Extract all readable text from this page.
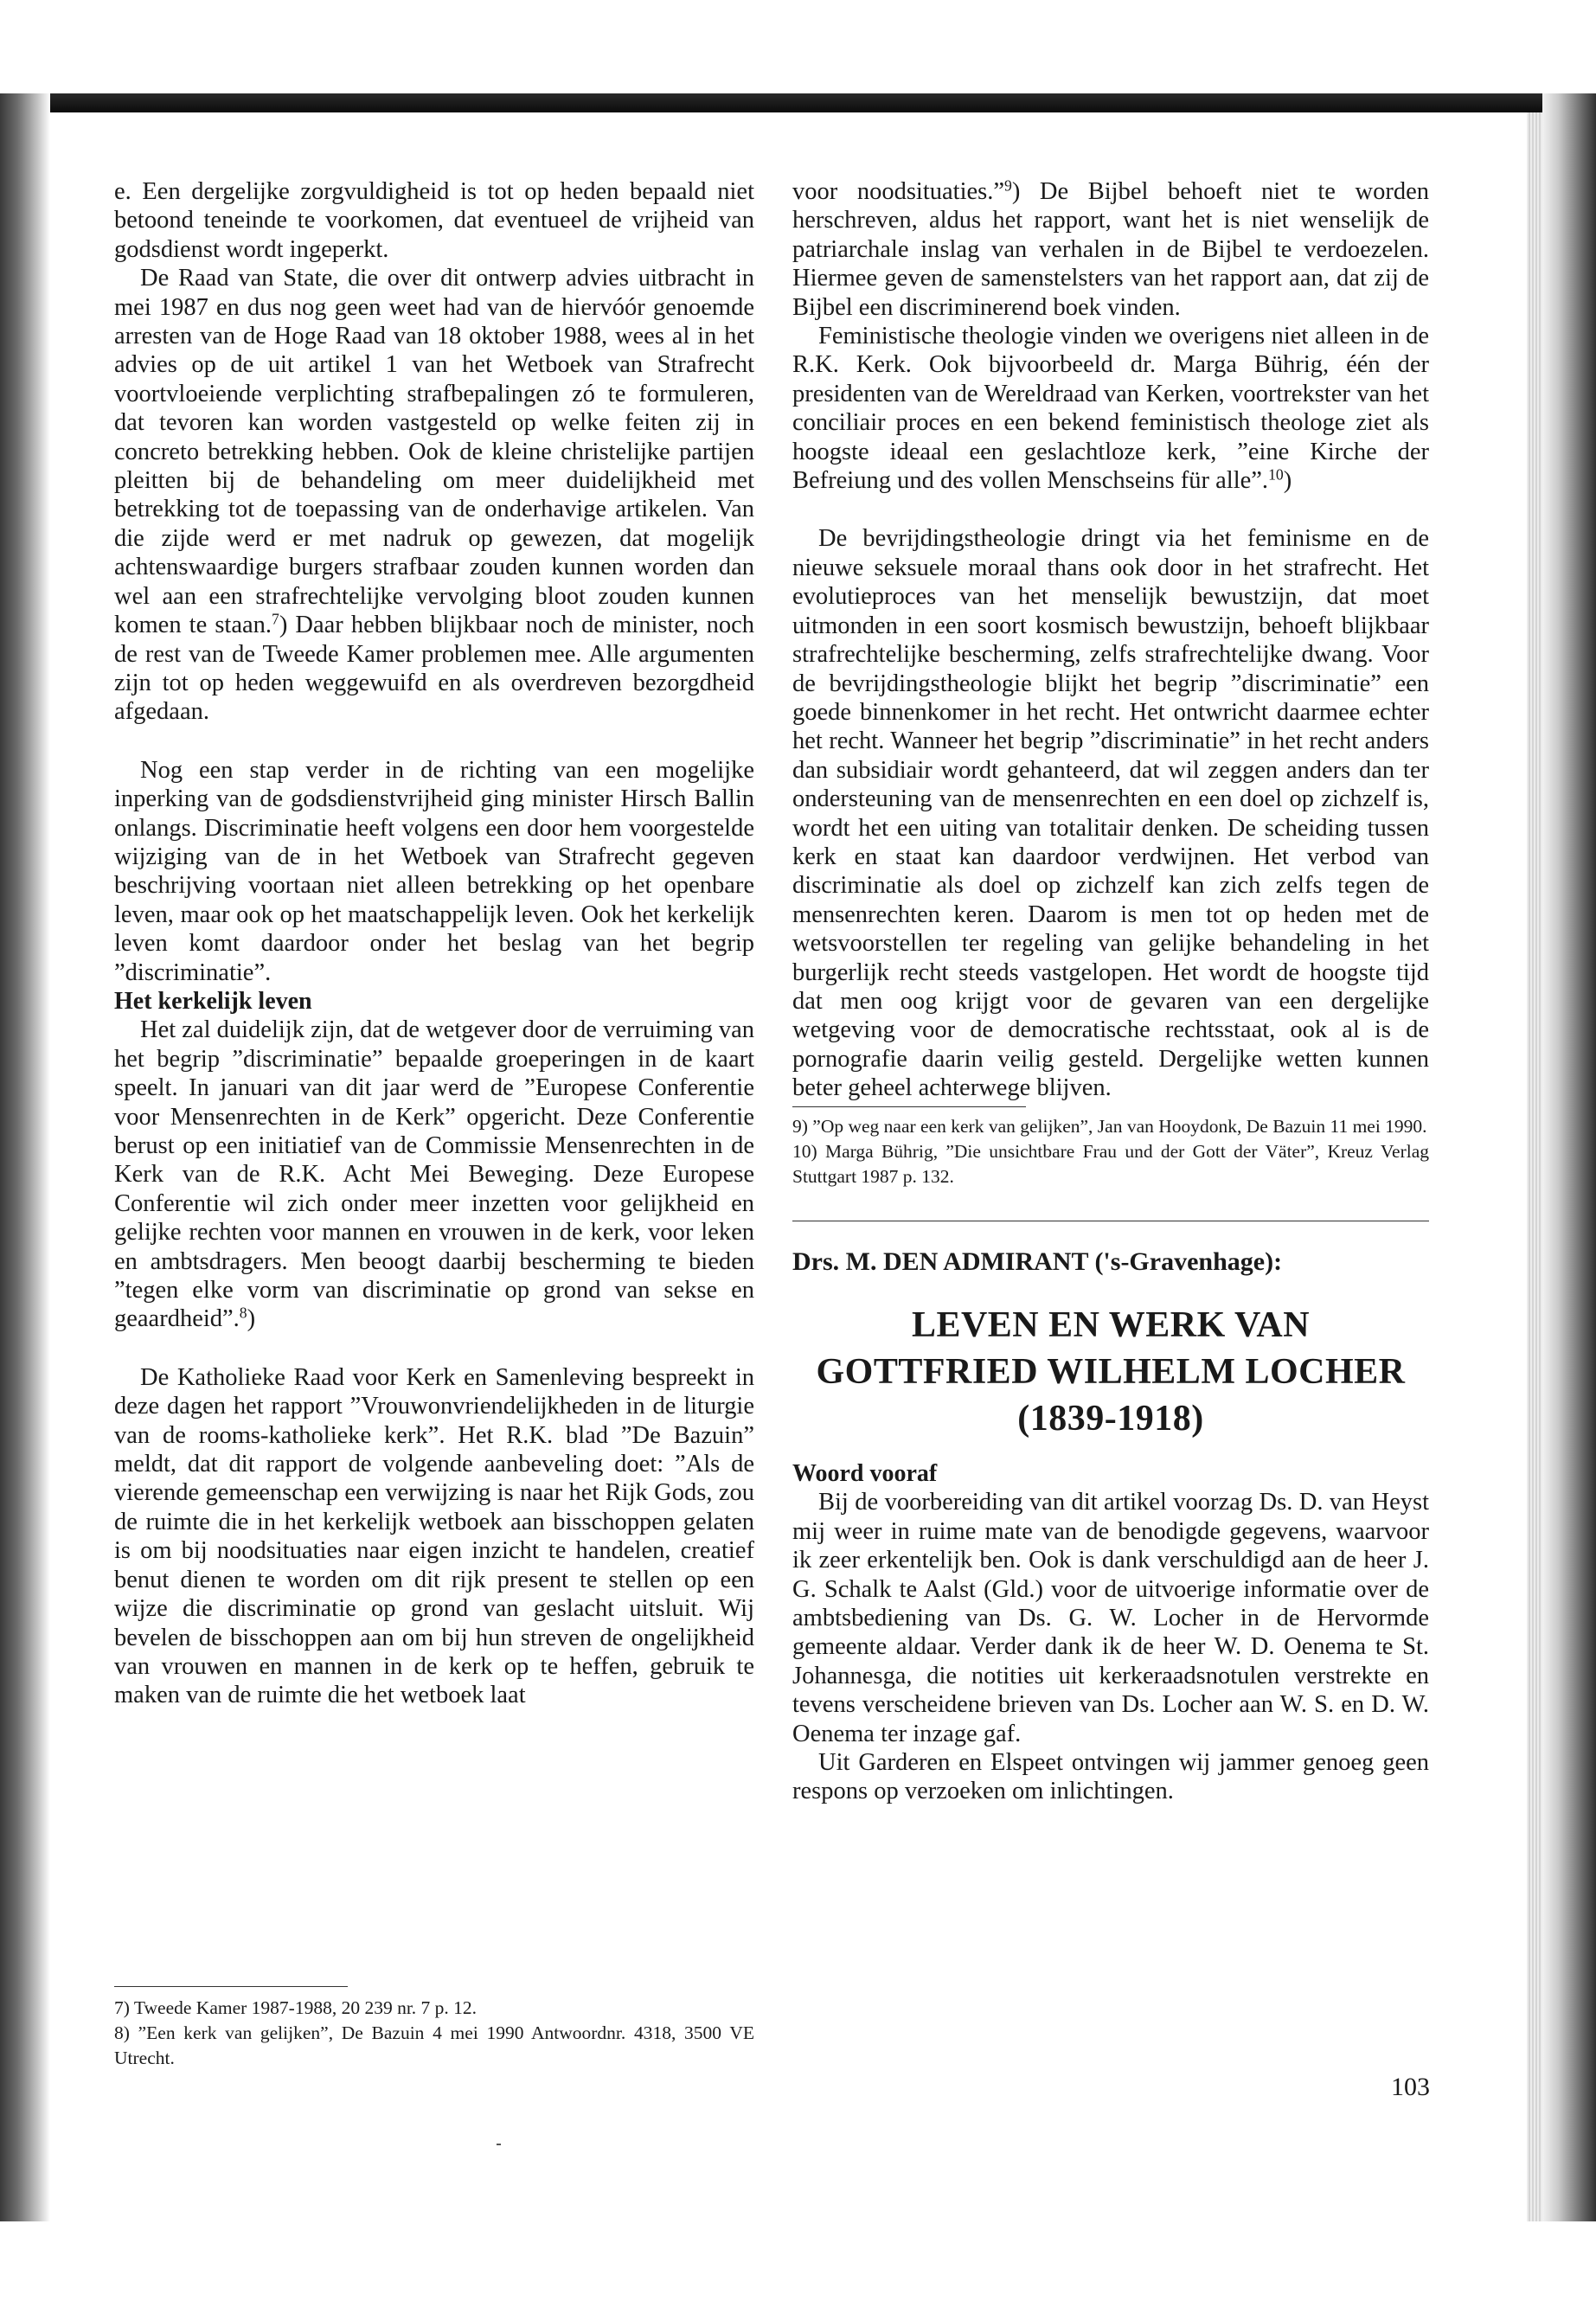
e. Een dergelijke zorgvuldigheid is tot op heden bepaald niet betoond teneinde te voorkomen, dat eventueel de vrijheid van godsdienst wordt ingeperkt.

De Raad van State, die over dit ontwerp advies uitbracht in mei 1987 en dus nog geen weet had van de hiervóór genoemde arresten van de Hoge Raad van 18 oktober 1988, wees al in het advies op de uit artikel 1 van het Wetboek van Strafrecht voortvloeiende verplichting strafbepalingen zó te formuleren, dat tevoren kan worden vastgesteld op welke feiten zij in concreto betrekking hebben. Ook de kleine christelijke partijen pleitten bij de behandeling om meer duidelijkheid met betrekking tot de toepassing van de onderhavige artikelen. Van die zijde werd er met nadruk op gewezen, dat mogelijk achtenswaardige burgers strafbaar zouden kunnen worden dan wel aan een strafrechtelijke vervolging bloot zouden kunnen komen te staan.$^7$) Daar hebben blijkbaar noch de minister, noch de rest van de Tweede Kamer problemen mee. Alle argumenten zijn tot op heden weggewuifd en als overdreven bezorgdheid afgedaan.

Nog een stap verder in de richting van een mogelijke inperking van de godsdienstvrijheid ging minister Hirsch Ballin onlangs. Discriminatie heeft volgens een door hem voorgestelde wijziging van de in het Wetboek van Strafrecht gegeven beschrijving voortaan niet alleen betrekking op het openbare leven, maar ook op het maatschappelijk leven. Ook het kerkelijk leven komt daardoor onder het beslag van het begrip ”discriminatie”.

Het kerkelijk leven

Het zal duidelijk zijn, dat de wetgever door de verruiming van het begrip ”discriminatie” bepaalde groeperingen in de kaart speelt. In januari van dit jaar werd de ”Europese Conferentie voor Mensenrechten in de Kerk” opgericht. Deze Conferentie berust op een initiatief van de Commissie Mensenrechten in de Kerk van de R.K. Acht Mei Beweging. Deze Europese Conferentie wil zich onder meer inzetten voor gelijkheid en gelijke rechten voor mannen en vrouwen in de kerk, voor leken en ambtsdragers. Men beoogt daarbij bescherming te bieden ”tegen elke vorm van discriminatie op grond van sekse en geaardheid”.$^8$)

De Katholieke Raad voor Kerk en Samenleving bespreekt in deze dagen het rapport ”Vrouwonvriendelijkheden in de liturgie van de rooms-katholieke kerk”. Het R.K. blad ”De Bazuin” meldt, dat dit rapport de volgende aanbeveling doet: ”Als de vierende gemeenschap een verwijzing is naar het Rijk Gods, zou de ruimte die in het kerkelijk wetboek aan bisschoppen gelaten is om bij noodsituaties naar eigen inzicht te handelen, creatief benut dienen te worden om dit rijk present te stellen op een wijze die discriminatie op grond van geslacht uitsluit. Wij bevelen de bisschoppen aan om bij hun streven de ongelijkheid van vrouwen en mannen in de kerk op te heffen, gebruik te maken van de ruimte die het wetboek laat

7) Tweede Kamer 1987-1988, 20 239 nr. 7 p. 12.

8) ”Een kerk van gelijken”, De Bazuin 4 mei 1990 Antwoordnr. 4318, 3500 VE Utrecht.

voor noodsituaties.”$^9$) De Bijbel behoeft niet te worden herschreven, aldus het rapport, want het is niet wenselijk de patriarchale inslag van verhalen in de Bijbel te verdoezelen. Hiermee geven de samenstelsters van het rapport aan, dat zij de Bijbel een discriminerend boek vinden.

Feministische theologie vinden we overigens niet alleen in de R.K. Kerk. Ook bijvoorbeeld dr. Marga Bührig, één der presidenten van de Wereldraad van Kerken, voortrekster van het conciliair proces en een bekend feministisch theologe ziet als hoogste ideaal een geslachtloze kerk, ”eine Kirche der Befreiung und des vollen Menschseins für alle”.$^{10}$)

De bevrijdingstheologie dringt via het feminisme en de nieuwe seksuele moraal thans ook door in het strafrecht. Het evolutieproces van het menselijk bewustzijn, dat moet uitmonden in een soort kosmisch bewustzijn, behoeft blijkbaar strafrechtelijke bescherming, zelfs strafrechtelijke dwang. Voor de bevrijdingstheologie blijkt het begrip ”discriminatie” een goede binnenkomer in het recht. Het ontwricht daarmee echter het recht. Wanneer het begrip ”discriminatie” in het recht anders dan subsidiair wordt gehanteerd, dat wil zeggen anders dan ter ondersteuning van de mensenrechten en een doel op zichzelf is, wordt het een uiting van totalitair denken. De scheiding tussen kerk en staat kan daardoor verdwijnen. Het verbod van discriminatie als doel op zichzelf kan zich zelfs tegen de mensenrechten keren. Daarom is men tot op heden met de wetsvoorstellen ter regeling van gelijke behandeling in het burgerlijk recht steeds vastgelopen. Het wordt de hoogste tijd dat men oog krijgt voor de gevaren van een dergelijke wetgeving voor de democratische rechtsstaat, ook al is de pornografie daarin veilig gesteld. Dergelijke wetten kunnen beter geheel achterwege blijven.

9) ”Op weg naar een kerk van gelijken”, Jan van Hooydonk, De Bazuin 11 mei 1990.

10) Marga Bührig, ”Die unsichtbare Frau und der Gott der Väter”, Kreuz Verlag Stuttgart 1987 p. 132.

Drs. M. DEN ADMIRANT ('s-Gravenhage):

LEVEN EN WERK VAN
GOTTFRIED WILHELM LOCHER
(1839-1918)

Woord vooraf

Bij de voorbereiding van dit artikel voorzag Ds. D. van Heyst mij weer in ruime mate van de benodigde gegevens, waarvoor ik zeer erkentelijk ben. Ook is dank verschuldigd aan de heer J. G. Schalk te Aalst (Gld.) voor de uitvoerige informatie over de ambtsbediening van Ds. G. W. Locher in de Hervormde gemeente aldaar. Verder dank ik de heer W. D. Oenema te St. Johannesga, die notities uit kerkeraadsnotulen verstrekte en tevens verscheidene brieven van Ds. Locher aan W. S. en D. W. Oenema ter inzage gaf.

Uit Garderen en Elspeet ontvingen wij jammer genoeg geen respons op verzoeken om inlichtingen.

103
